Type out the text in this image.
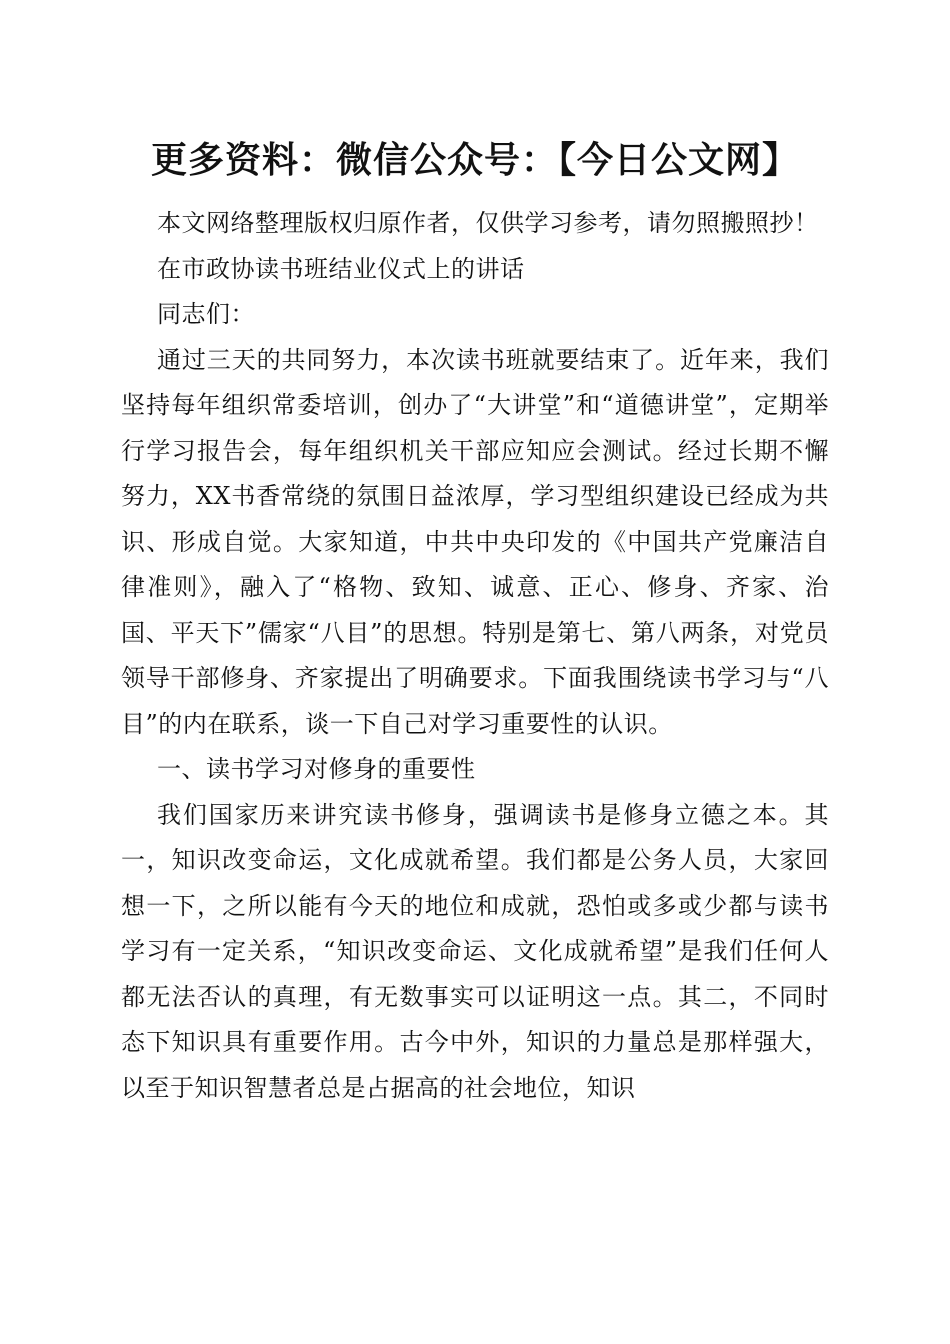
更多资料：微信公众号：【今日公文网】

本文网络整理版权归原作者，仅供学习参考，请勿照搬照抄！

在市政协读书班结业仪式上的讲话

同志们：

通过三天的共同努力，本次读书班就要结束了。近年来，我们坚持每年组织常委培训，创办了“大讲堂”和“道德讲堂”，定期举行学习报告会，每年组织机关干部应知应会测试。经过长期不懈努力，XX书香常绕的氛围日益浓厚，学习型组织建设已经成为共识、形成自觉。大家知道，中共中央印发的《中国共产党廉洁自律准则》，融入了“格物、致知、诚意、正心、修身、齐家、治国、平天下”儒家“八目”的思想。特别是第七、第八两条，对党员领导干部修身、齐家提出了明确要求。下面我围绕读书学习与“八目”的内在联系，谈一下自己对学习重要性的认识。

一、读书学习对修身的重要性

我们国家历来讲究读书修身，强调读书是修身立德之本。其一，知识改变命运，文化成就希望。我们都是公务人员，大家回想一下，之所以能有今天的地位和成就，恐怕或多或少都与读书学习有一定关系，“知识改变命运、文化成就希望”是我们任何人都无法否认的真理，有无数事实可以证明这一点。其二，不同时态下知识具有重要作用。古今中外，知识的力量总是那样强大，以至于知识智慧者总是占据高的社会地位，知识
